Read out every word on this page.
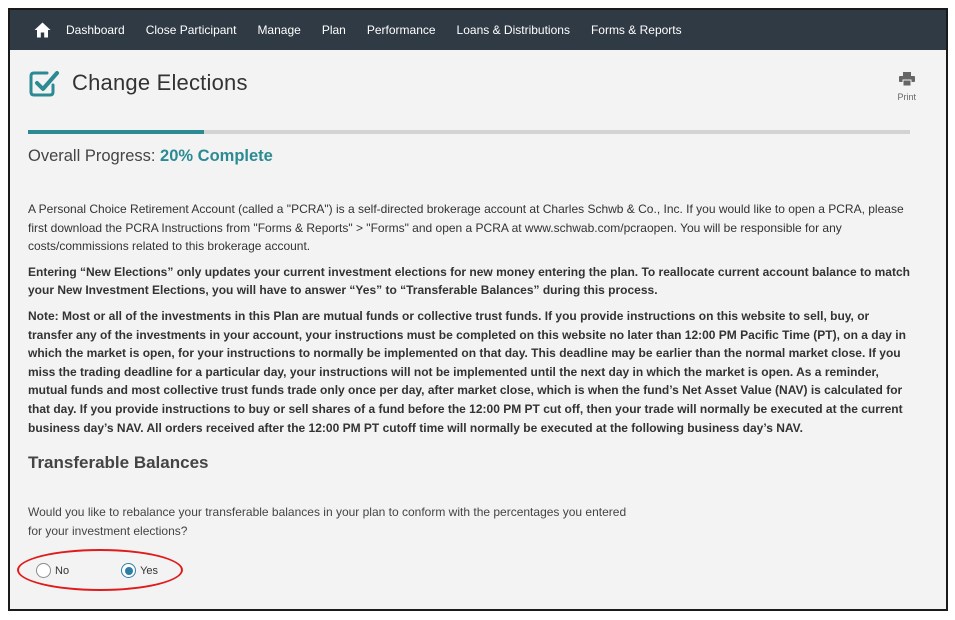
Dashboard Close Participant Manage Plan Performance Loans & Distributions Forms & Reports
Change Elections
Print
Overall Progress: 20% Complete

A Personal Choice Retirement Account (called a "PCRA") is a self-directed brokerage account at Charles Schwb & Co., Inc. If you would like to open a PCRA, please first download the PCRA Instructions from "Forms & Reports" > "Forms" and open a PCRA at www.schwab.com/pcraopen. You will be responsible for any costs/commissions related to this brokerage account.

Entering “New Elections” only updates your current investment elections for new money entering the plan. To reallocate current account balance to match your New Investment Elections, you will have to answer “Yes” to “Transferable Balances” during this process.

Note: Most or all of the investments in this Plan are mutual funds or collective trust funds. If you provide instructions on this website to sell, buy, or transfer any of the investments in your account, your instructions must be completed on this website no later than 12:00 PM Pacific Time (PT), on a day in which the market is open, for your instructions to normally be implemented on that day. This deadline may be earlier than the normal market close. If you miss the trading deadline for a particular day, your instructions will not be implemented until the next day in which the market is open. As a reminder, mutual funds and most collective trust funds trade only once per day, after market close, which is when the fund’s Net Asset Value (NAV) is calculated for that day. If you provide instructions to buy or sell shares of a fund before the 12:00 PM PT cut off, then your trade will normally be executed at the current business day’s NAV. All orders received after the 12:00 PM PT cutoff time will normally be executed at the following business day’s NAV.

Transferable Balances

Would you like to rebalance your transferable balances in your plan to conform with the percentages you entered for your investment elections?

No	Yes
